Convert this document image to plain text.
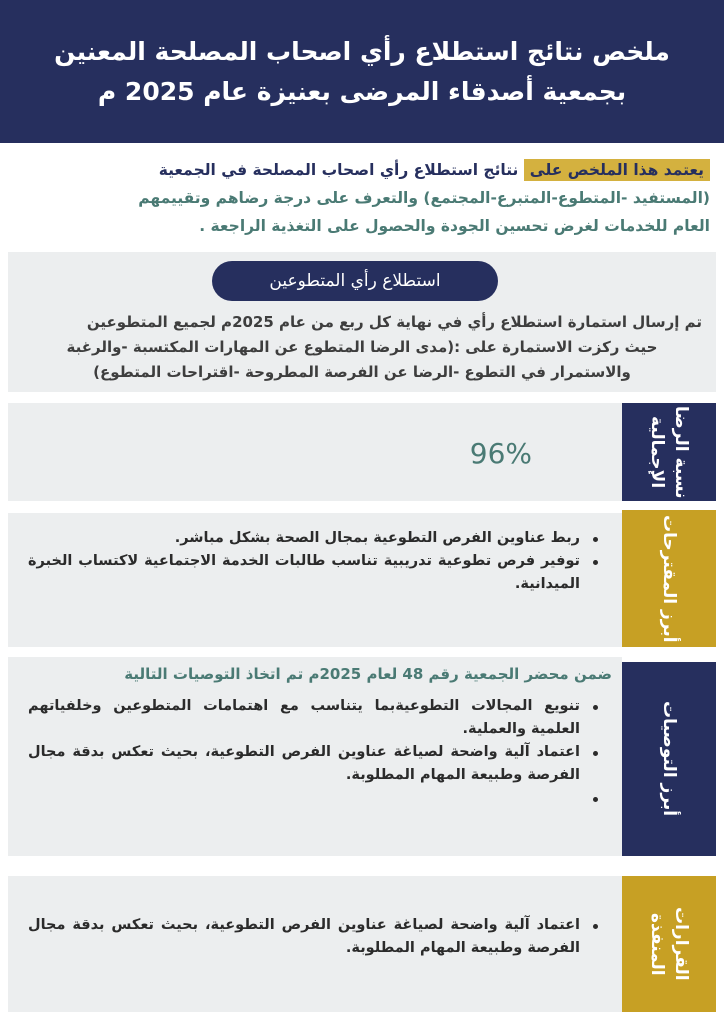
ملخص نتائج استطلاع رأي اصحاب المصلحة المعنين
بجمعية أصدقاء المرضى بعنيزة عام 2025 م
يعتمد هذا الملخص على نتائج استطلاع رأي اصحاب المصلحة في الجمعية
(المستفيد -المتطوع-المتبرع-المجتمع) والتعرف على درجة رضاهم وتقييمهم
العام للخدمات لغرض تحسين الجودة والحصول على التغذية الراجعة .
استطلاع رأي المتطوعين
تم إرسال استمارة استطلاع رأي في نهاية كل ربع من عام 2025م لجميع المتطوعين
حيث ركزت الاستمارة على :(مدى الرضا المتطوع عن المهارات المكتسبة -والرغبة
والاستمرار في التطوع -الرضا عن الفرصة المطروحة -اقتراحات المتطوع)
96%
نسبة الرضا
الإجمالية
ربط عناوين الفرص التطوعية بمجال الصحة بشكل مباشر.
توفير فرص تطوعية تدريبية تناسب طالبات الخدمة الاجتماعية لاكتساب الخبرة الميدانية.	أبرز المقترحات
تنويع المجالات التطوعيةبما يتناسب مع اهتمامات المتطوعين وخلفياتهم العلمية والعملية.
اعتماد آلية واضحة لصياغة عناوين الفرص التطوعية، بحيث تعكس بدقة مجال الفرصة وطبيعة المهام المطلوبة.

ضمن محضر الجمعية رقم 48 لعام 2025م تم اتخاذ التوصيات التالية
أبرز التوصيات
اعتماد آلية واضحة لصياغة عناوين الفرص التطوعية، بحيث تعكس بدقة مجال الفرصة وطبيعة المهام المطلوبة.	القرارات المنفذة
